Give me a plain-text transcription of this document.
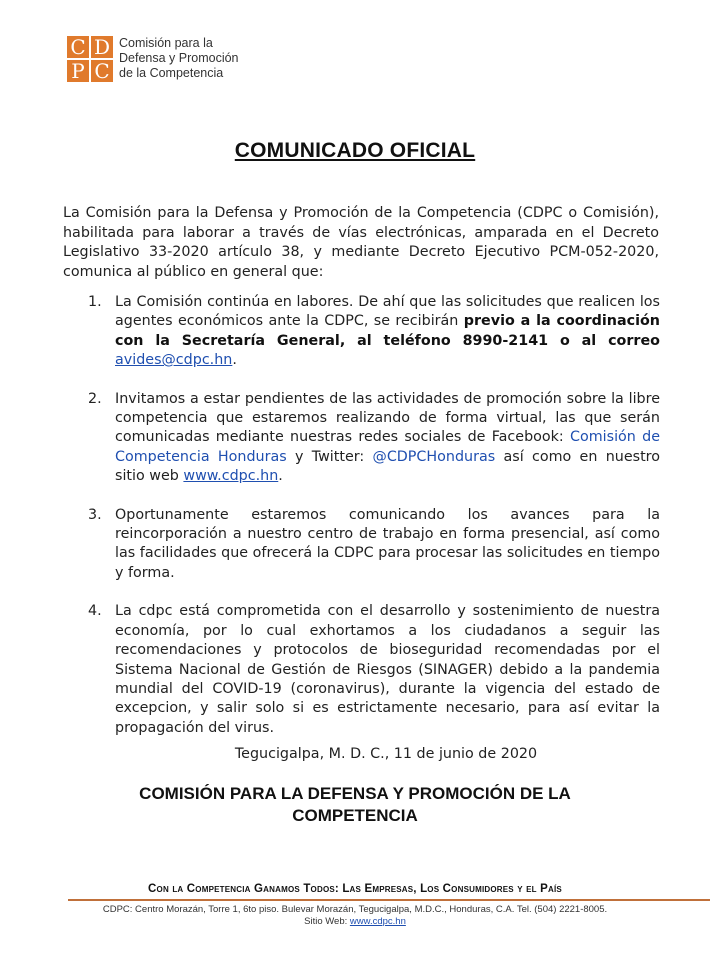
C D
P C
Comisión para la
Defensa y Promoción
de la Competencia
COMUNICADO OFICIAL
La Comisión para la Defensa y Promoción de la Competencia (CDPC o Comisión), habilitada para laborar a través de vías electrónicas, amparada en el Decreto Legislativo 33-2020 artículo 38, y mediante Decreto Ejecutivo PCM-052-2020, comunica al público en general que:
1. La Comisión continúa en labores. De ahí que las solicitudes que realicen los agentes económicos ante la CDPC, se recibirán previo a la coordinación con la Secretaría General, al teléfono 8990-2141 o al correo avides@cdpc.hn.
2. Invitamos a estar pendientes de las actividades de promoción sobre la libre competencia que estaremos realizando de forma virtual, las que serán comunicadas mediante nuestras redes sociales de Facebook: Comisión de Competencia Honduras y Twitter: @CDPCHonduras así como en nuestro sitio web www.cdpc.hn.
3. Oportunamente estaremos comunicando los avances para la reincorporación a nuestro centro de trabajo en forma presencial, así como las facilidades que ofrecerá la CDPC para procesar las solicitudes en tiempo y forma.
4. La cdpc está comprometida con el desarrollo y sostenimiento de nuestra economía, por lo cual exhortamos a los ciudadanos a seguir las recomendaciones y protocolos de bioseguridad recomendadas por el Sistema Nacional de Gestión de Riesgos (SINAGER) debido a la pandemia mundial del COVID-19 (coronavirus), durante la vigencia del estado de excepcion, y salir solo si es estrictamente necesario, para así evitar la propagación del virus.
Tegucigalpa, M. D. C., 11 de junio de 2020
COMISIÓN PARA LA DEFENSA Y PROMOCIÓN DE LA
COMPETENCIA
Con la Competencia Ganamos Todos: Las Empresas, Los Consumidores y el País
CDPC: Centro Morazán, Torre 1, 6to piso. Bulevar Morazán, Tegucigalpa, M.D.C., Honduras, C.A. Tel. (504) 2221-8005.
Sitio Web: www.cdpc.hn
